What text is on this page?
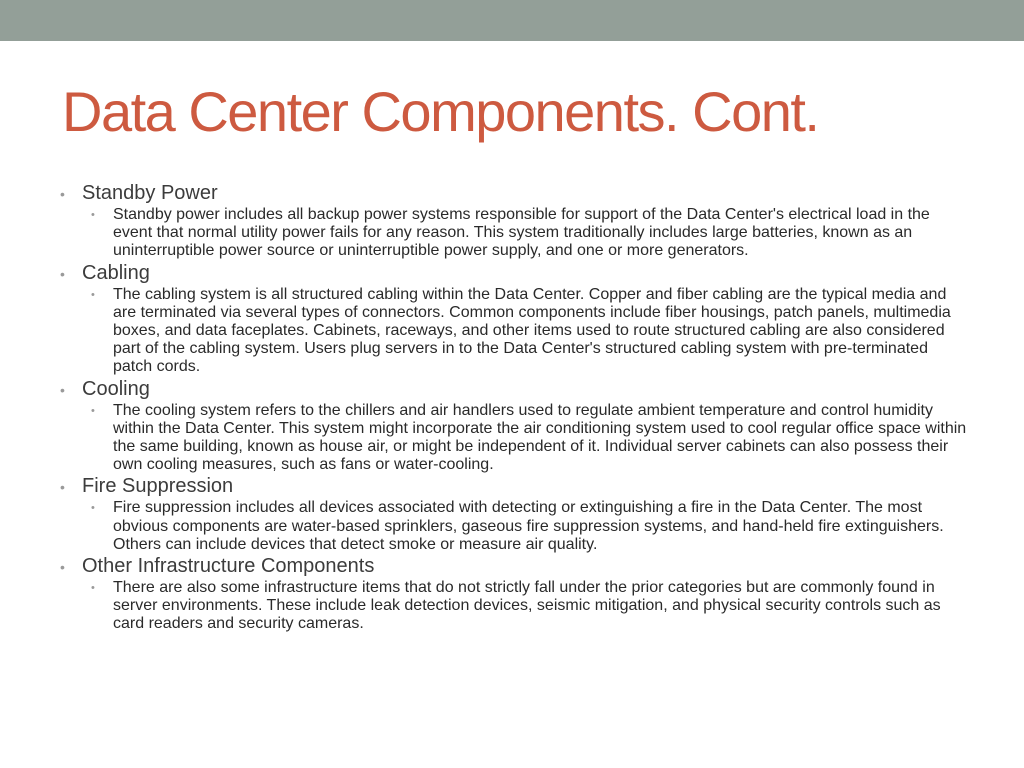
Data Center Components. Cont.
• Standby Power
• Standby power includes all backup power systems responsible for support of the Data Center's electrical load in the event that normal utility power fails for any reason. This system traditionally includes large batteries, known as an uninterruptible power source or uninterruptible power supply, and one or more generators.
• Cabling
• The cabling system is all structured cabling within the Data Center. Copper and fiber cabling are the typical media and are terminated via several types of connectors. Common components include fiber housings, patch panels, multimedia boxes, and data faceplates. Cabinets, raceways, and other items used to route structured cabling are also considered part of the cabling system. Users plug servers in to the Data Center's structured cabling system with pre-terminated patch cords.
• Cooling
• The cooling system refers to the chillers and air handlers used to regulate ambient temperature and control humidity within the Data Center. This system might incorporate the air conditioning system used to cool regular office space within the same building, known as house air, or might be independent of it. Individual server cabinets can also possess their own cooling measures, such as fans or water-cooling.
• Fire Suppression
• Fire suppression includes all devices associated with detecting or extinguishing a fire in the Data Center. The most obvious components are water-based sprinklers, gaseous fire suppression systems, and hand-held fire extinguishers. Others can include devices that detect smoke or measure air quality.
• Other Infrastructure Components
• There are also some infrastructure items that do not strictly fall under the prior categories but are commonly found in server environments. These include leak detection devices, seismic mitigation, and physical security controls such as card readers and security cameras.
